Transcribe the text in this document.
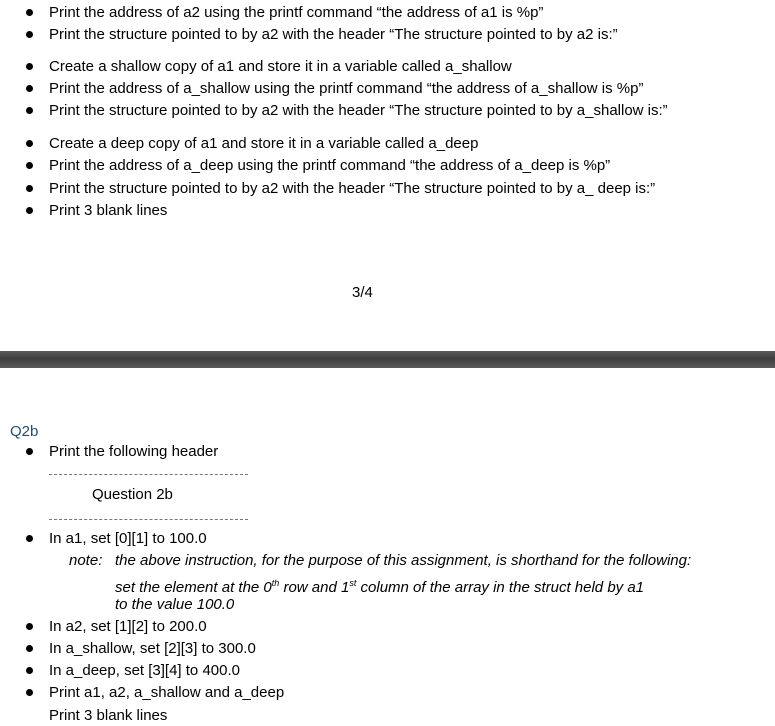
Print the address of a2 using the printf command “the address of a1 is %p”
Print the structure pointed to by a2 with the header “The structure pointed to by a2 is:”
Create a shallow copy of a1 and store it in a variable called a_shallow
Print the address of a_shallow using the printf command “the address of a_shallow is %p”
Print the structure pointed to by a2 with the header “The structure pointed to by a_shallow is:”
Create a deep copy of a1 and store it in a variable called a_deep
Print the address of a_deep using the printf command “the address of a_deep is %p”
Print the structure pointed to by a2 with the header “The structure pointed to by a_ deep is:”
Print 3 blank lines
3/4
Q2b
Print the following header
Question 2b
In a1, set [0][1] to 100.0
note: the above instruction, for the purpose of this assignment, is shorthand for the following:
set the element at the 0th row and 1st column of the array in the struct held by a1
to the value 100.0
In a2, set [1][2] to 200.0
In a_shallow, set [2][3] to 300.0
In a_deep, set [3][4] to 400.0
Print a1, a2, a_shallow and a_deep
Print 3 blank lines
